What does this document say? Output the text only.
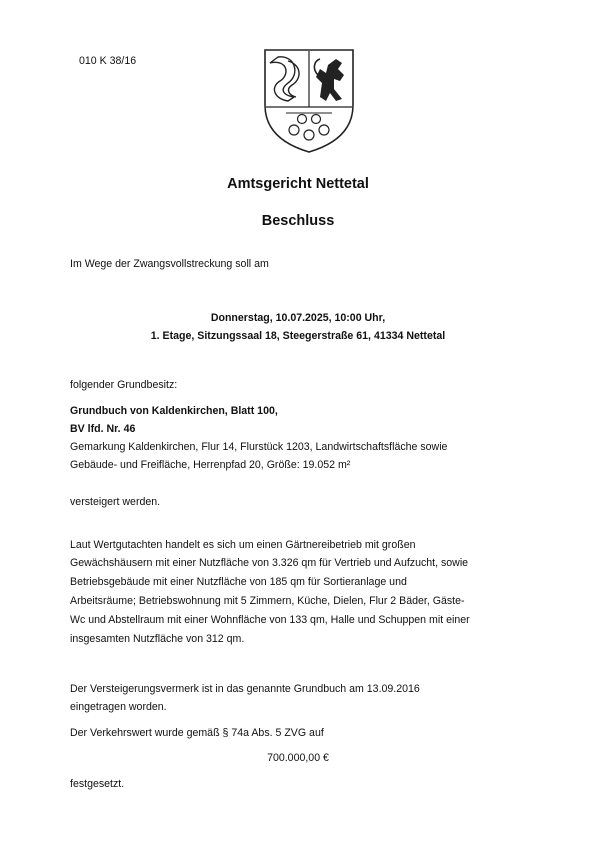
010 K 38/16
Amtsgericht Nettetal
Beschluss
Im Wege der Zwangsvollstreckung soll am
Donnerstag, 10.07.2025, 10:00 Uhr,
1. Etage, Sitzungssaal 18, Steegerstraße 61, 41334 Nettetal
folgender Grundbesitz:
Grundbuch von Kaldenkirchen, Blatt 100,
BV lfd. Nr. 46
Gemarkung Kaldenkirchen, Flur 14, Flurstück 1203, Landwirtschaftsfläche sowie
Gebäude- und Freifläche, Herrenpfad 20, Größe: 19.052 m²
versteigert werden.
Laut Wertgutachten handelt es sich um einen Gärtnereibetrieb mit großen
Gewächshäusern mit einer Nutzfläche von 3.326 qm für Vertrieb und Aufzucht, sowie
Betriebsgebäude mit einer Nutzfläche von 185 qm für Sortieranlage und
Arbeitsräume; Betriebswohnung mit 5 Zimmern, Küche, Dielen, Flur 2 Bäder, Gäste-
Wc und Abstellraum mit einer Wohnfläche von 133 qm, Halle und Schuppen mit einer
insgesamten Nutzfläche von 312 qm.
Der Versteigerungsvermerk ist in das genannte Grundbuch am 13.09.2016
eingetragen worden.
Der Verkehrswert wurde gemäß § 74a Abs. 5 ZVG auf
700.000,00 €
festgesetzt.
